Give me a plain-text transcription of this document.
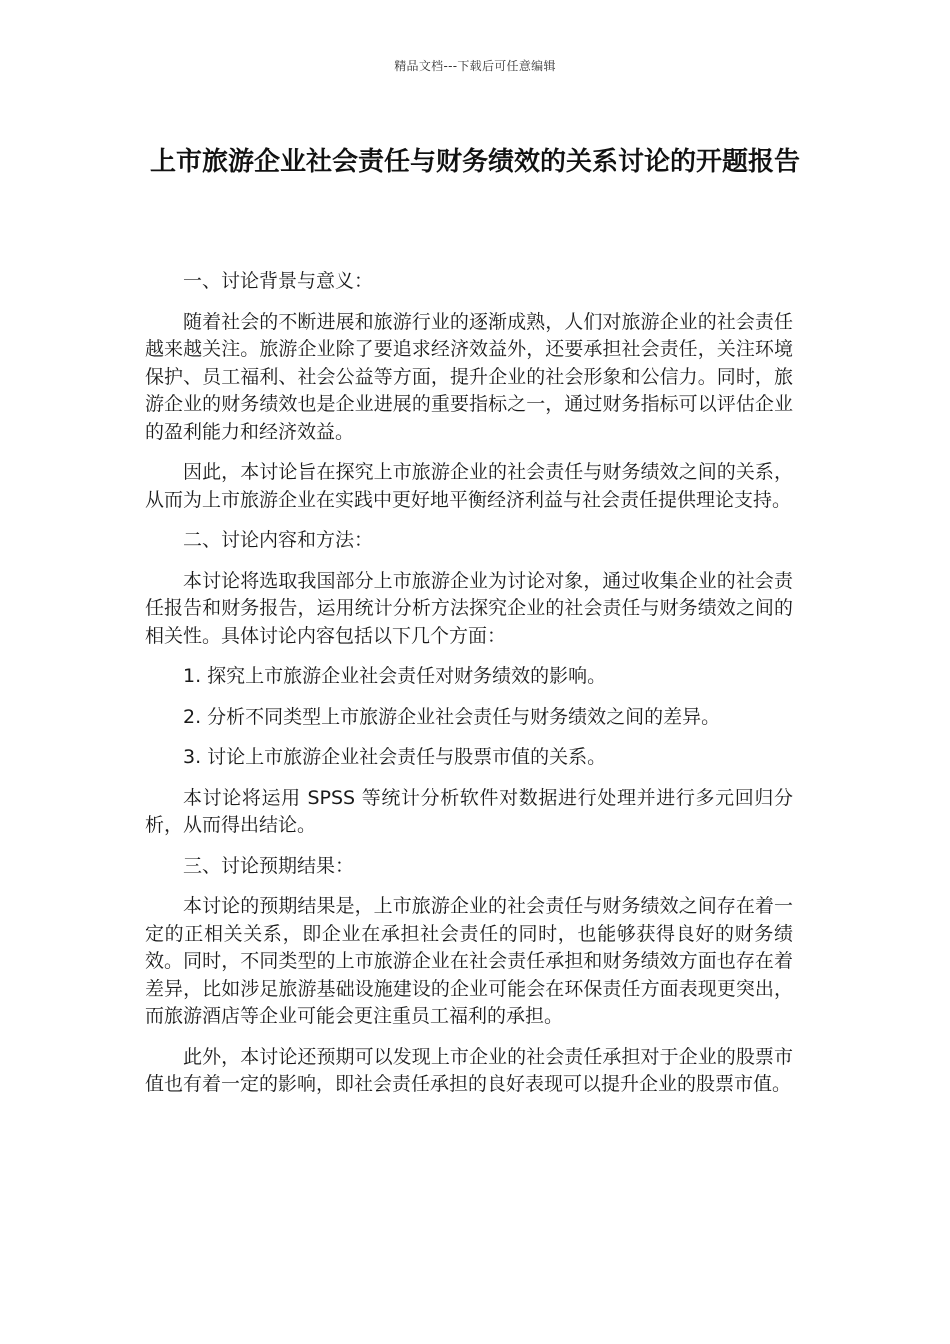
精品文档---下载后可任意编辑
上市旅游企业社会责任与财务绩效的关系讨论的开题报告

一、讨论背景与意义：

随着社会的不断进展和旅游行业的逐渐成熟，人们对旅游企业的社会责任越来越关注。旅游企业除了要追求经济效益外，还要承担社会责任，关注环境保护、员工福利、社会公益等方面，提升企业的社会形象和公信力。同时，旅游企业的财务绩效也是企业进展的重要指标之一，通过财务指标可以评估企业的盈利能力和经济效益。

因此，本讨论旨在探究上市旅游企业的社会责任与财务绩效之间的关系，从而为上市旅游企业在实践中更好地平衡经济利益与社会责任提供理论支持。

二、讨论内容和方法：

本讨论将选取我国部分上市旅游企业为讨论对象，通过收集企业的社会责任报告和财务报告，运用统计分析方法探究企业的社会责任与财务绩效之间的相关性。具体讨论内容包括以下几个方面：

1. 探究上市旅游企业社会责任对财务绩效的影响。

2. 分析不同类型上市旅游企业社会责任与财务绩效之间的差异。

3. 讨论上市旅游企业社会责任与股票市值的关系。

本讨论将运用 SPSS 等统计分析软件对数据进行处理并进行多元回归分析，从而得出结论。

三、讨论预期结果：

本讨论的预期结果是，上市旅游企业的社会责任与财务绩效之间存在着一定的正相关关系，即企业在承担社会责任的同时，也能够获得良好的财务绩效。同时，不同类型的上市旅游企业在社会责任承担和财务绩效方面也存在着差异，比如涉足旅游基础设施建设的企业可能会在环保责任方面表现更突出，而旅游酒店等企业可能会更注重员工福利的承担。

此外，本讨论还预期可以发现上市企业的社会责任承担对于企业的股票市值也有着一定的影响，即社会责任承担的良好表现可以提升企业的股票市值。
